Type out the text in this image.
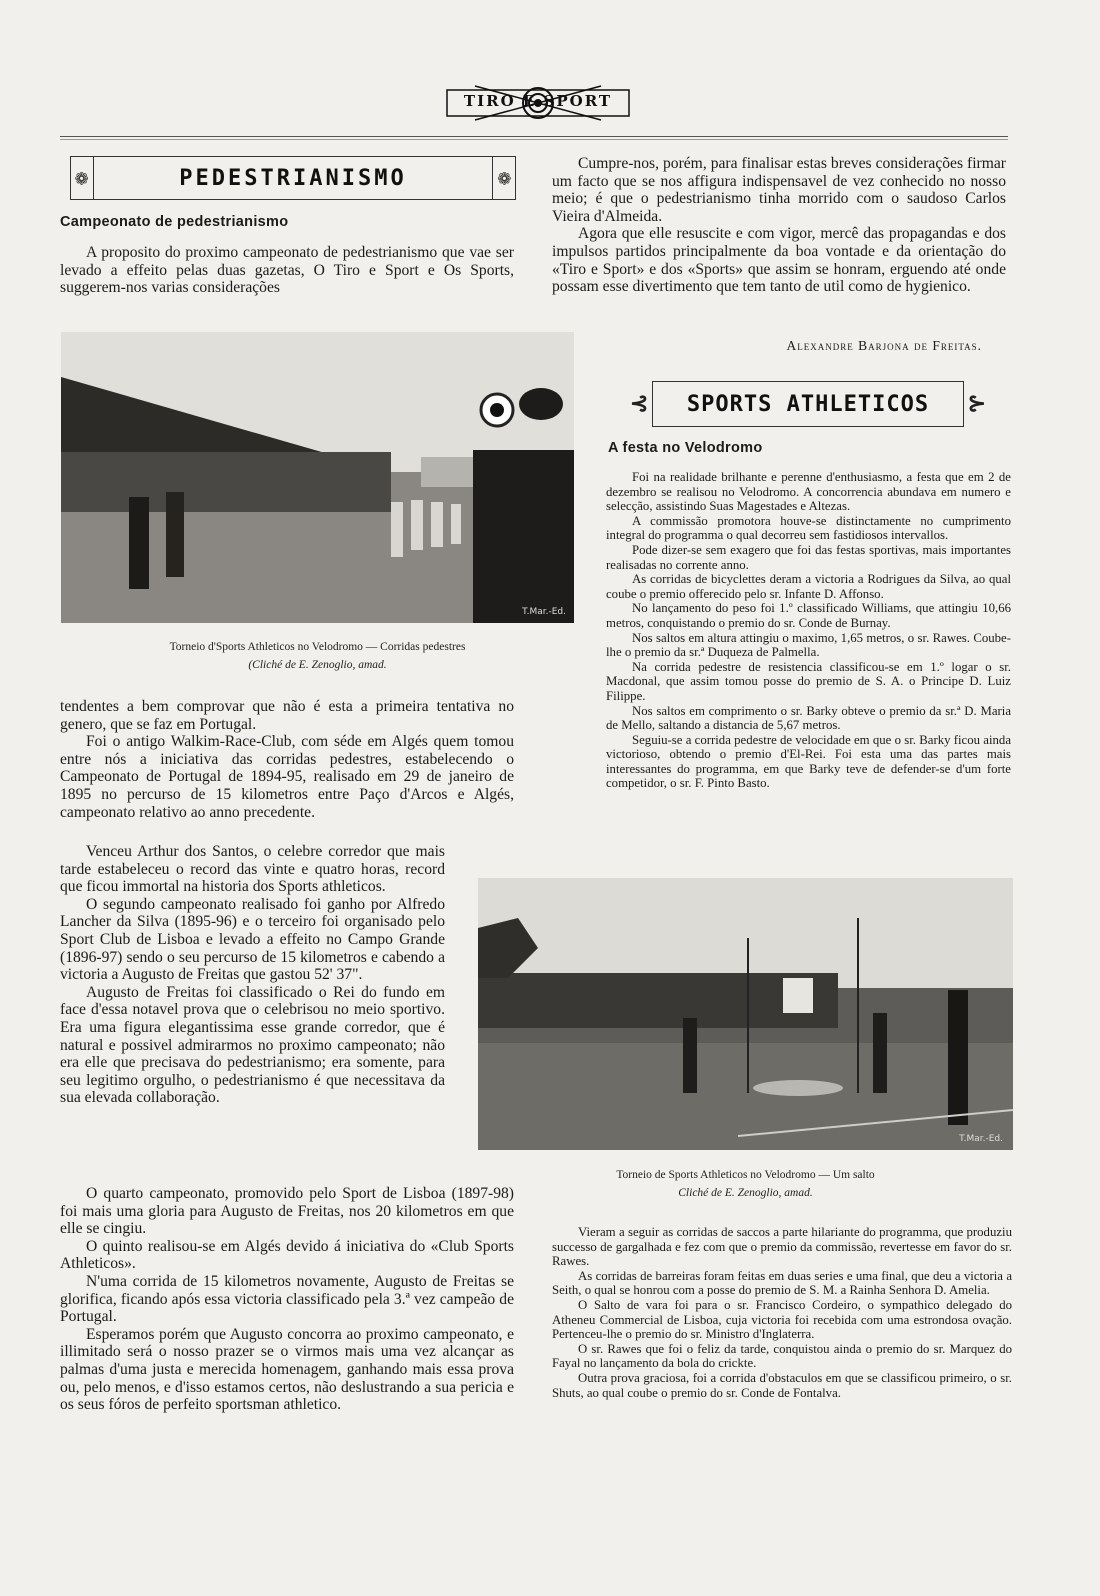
TIRO E SPORT
❁	PEDESTRIANISMO	❁
Campeonato de pedestrianismo

A proposito do proximo campeonato de pedestrianismo que vae ser levado a effeito pelas duas gazetas, O Tiro e Sport e Os Sports, suggerem-nos varias considerações

T.Mar.-Ed.
Torneio d'Sports Athleticos no Velodromo — Corridas pedestres
(Cliché de E. Zenoglio, amad.

tendentes a bem comprovar que não é esta a primeira tentativa no genero, que se faz em Portugal.

Foi o antigo Walkim-Race-Club, com séde em Algés quem tomou entre nós a iniciativa das corridas pedestres, estabelecendo o Campeonato de Portugal de 1894-95, realisado em 29 de janeiro de 1895 no percurso de 15 kilometros entre Paço d'Arcos e Algés, campeonato relativo ao anno precedente.

Venceu Arthur dos Santos, o celebre corredor que mais tarde estabeleceu o record das vinte e quatro horas, record que ficou immortal na historia dos Sports athleticos.

O segundo campeonato realisado foi ganho por Alfredo Lancher da Silva (1895-96) e o terceiro foi organisado pelo Sport Club de Lisboa e levado a effeito no Campo Grande (1896-97) sendo o seu percurso de 15 kilometros e cabendo a victoria a Augusto de Freitas que gastou 52' 37".

Augusto de Freitas foi classificado o Rei do fundo em face d'essa notavel prova que o celebrisou no meio sportivo. Era uma figura elegantissima esse grande corredor, que é natural e possivel admirarmos no proximo campeonato; não era elle que precisava do pedestrianismo; era somente, para seu legitimo orgulho, o pedestrianismo é que necessitava da sua elevada collaboração.

O quarto campeonato, promovido pelo Sport de Lisboa (1897-98) foi mais uma gloria para Augusto de Freitas, nos 20 kilometros em que elle se cingiu.

O quinto realisou-se em Algés devido á iniciativa do «Club Sports Athleticos».

N'uma corrida de 15 kilometros novamente, Augusto de Freitas se glorifica, ficando após essa victoria classificado pela 3.ª vez campeão de Portugal.

Esperamos porém que Augusto concorra ao proximo campeonato, e illimitado será o nosso prazer se o virmos mais uma vez alcançar as palmas d'uma justa e merecida homenagem, ganhando mais essa prova ou, pelo menos, e d'isso estamos certos, não deslustrando a sua pericia e os seus fóros de perfeito sportsman athletico.

Cumpre-nos, porém, para finalisar estas breves considerações firmar um facto que se nos affigura indispensavel de vez conhecido no nosso meio; é que o pedestrianismo tinha morrido com o saudoso Carlos Vieira d'Almeida.

Agora que elle resuscite e com vigor, mercê das propagandas e dos impulsos partidos principalmente da boa vontade e da orientação do «Tiro e Sport» e dos «Sports» que assim se honram, erguendo até onde possam esse divertimento que tem tanto de util como de hygienico.

Alexandre Barjona de Freitas.
⊰ SPORTS ATHLETICOS ⊱
A festa no Velodromo

Foi na realidade brilhante e perenne d'enthusiasmo, a festa que em 2 de dezembro se realisou no Velodromo. A concorrencia abundava em numero e selecção, assistindo Suas Magestades e Altezas.

A commissão promotora houve-se distinctamente no cumprimento integral do programma o qual decorreu sem fastidiosos intervallos.

Pode dizer-se sem exagero que foi das festas sportivas, mais importantes realisadas no corrente anno.

As corridas de bicyclettes deram a victoria a Rodrigues da Silva, ao qual coube o premio offerecido pelo sr. Infante D. Affonso.

No lançamento do peso foi 1.º classificado Williams, que attingiu 10,66 metros, conquistando o premio do sr. Conde de Burnay.

Nos saltos em altura attingiu o maximo, 1,65 metros, o sr. Rawes. Coube-lhe o premio da sr.ª Duqueza de Palmella.

Na corrida pedestre de resistencia classificou-se em 1.º logar o sr. Macdonal, que assim tomou posse do premio de S. A. o Principe D. Luiz Filippe.

Nos saltos em comprimento o sr. Barky obteve o premio da sr.ª D. Maria de Mello, saltando a distancia de 5,67 metros.

Seguiu-se a corrida pedestre de velocidade em que o sr. Barky ficou ainda victorioso, obtendo o premio d'El-Rei. Foi esta uma das partes mais interessantes do programma, em que Barky teve de defender-se d'um forte competidor, o sr. F. Pinto Basto.

T.Mar.-Ed.
Torneio de Sports Athleticos no Velodromo — Um salto
Cliché de E. Zenoglio, amad.

Vieram a seguir as corridas de saccos a parte hilariante do programma, que produziu successo de gargalhada e fez com que o premio da commissão, revertesse em favor do sr. Rawes.

As corridas de barreiras foram feitas em duas series e uma final, que deu a victoria a Seith, o qual se honrou com a posse do premio de S. M. a Rainha Senhora D. Amelia.

O Salto de vara foi para o sr. Francisco Cordeiro, o sympathico delegado do Atheneu Commercial de Lisboa, cuja victoria foi recebida com uma estrondosa ovação. Pertenceu-lhe o premio do sr. Ministro d'Inglaterra.

O sr. Rawes que foi o feliz da tarde, conquistou ainda o premio do sr. Marquez do Fayal no lançamento da bola do crickte.

Outra prova graciosa, foi a corrida d'obstaculos em que se classificou primeiro, o sr. Shuts, ao qual coube o premio do sr. Conde de Fontalva.
